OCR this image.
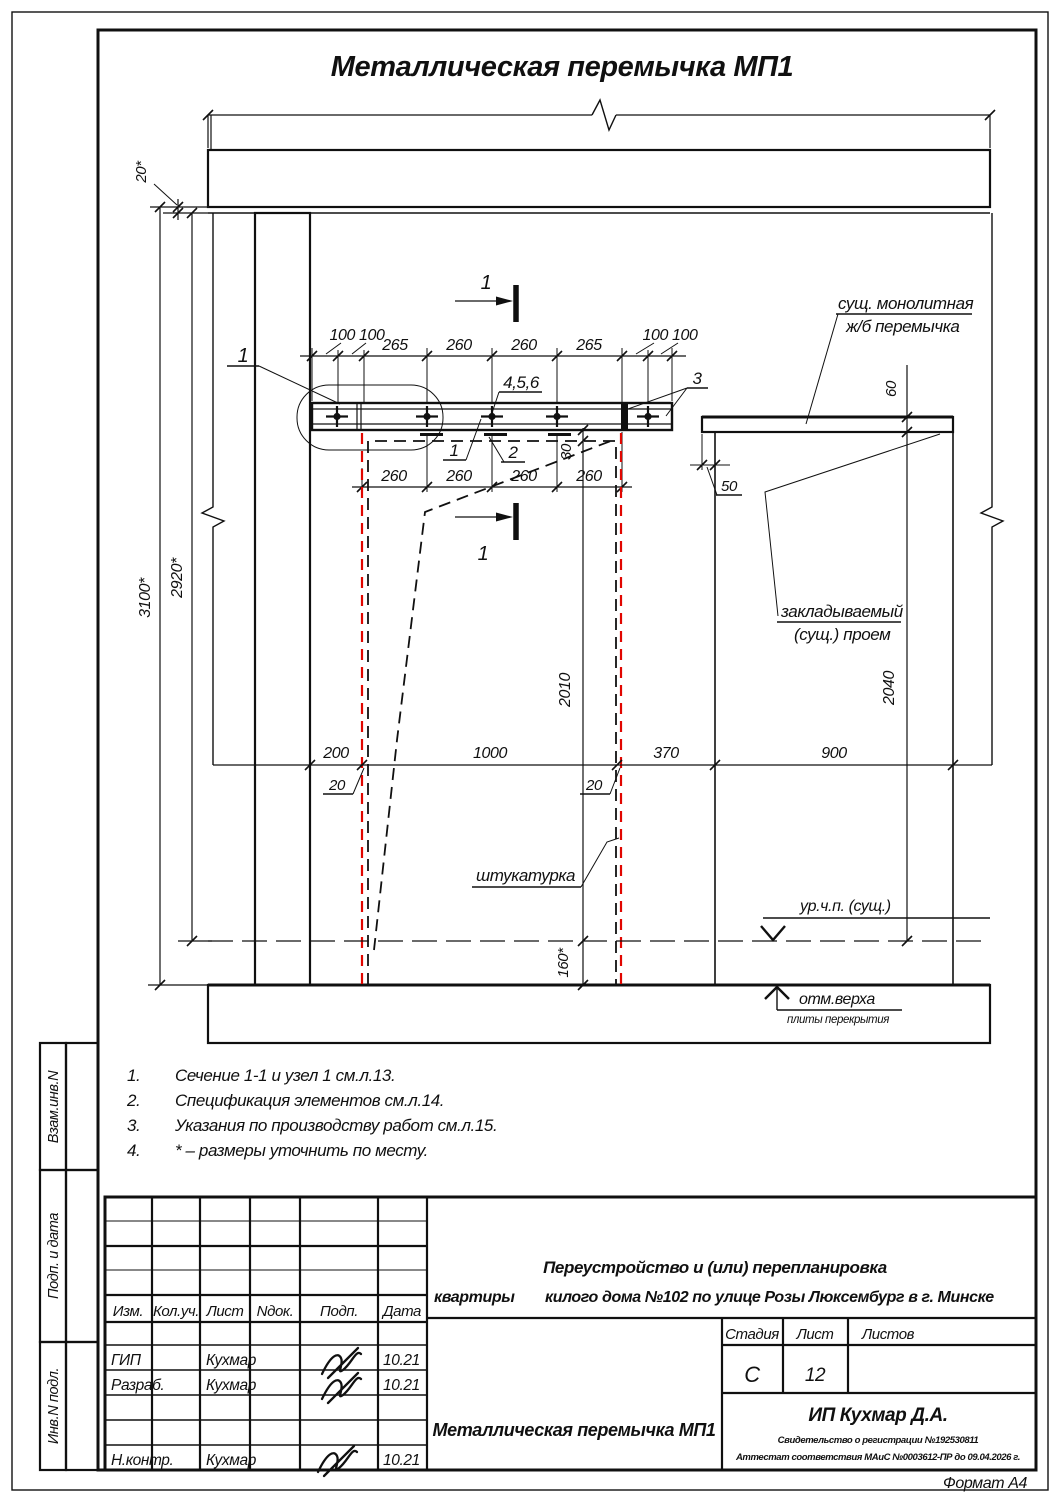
Металлическая перемычка МП1
20*
3100*
2920*
1
100 100	100 100
265 260 260 265
260 260 260 260
4,5,6	3
1	2
1
1
30
2010
160*
сущ. монолитная
ж/б перемычка
60
2040
50
закладываемый
(сущ.) проем
200	1000	370	900
20	20
штукатурка
ур.ч.п. (сущ.)
отм.верха
плиты перекрытия
1. Сечение 1-1 и узел 1 см.л.13.
2. Спецификация элементов см.л.14.
3. Указания по производству работ см.л.15.
4. * – размеры уточнить по месту.
Взам.инв.N
Подп. и дата
Инв.N подл.
Изм. Кол.уч. Лист Nдок. Подп. Дата
ГИП	Кухмар	10.21
Разраб.	Кухмар	10.21
Н.контр. Кухмар	10.21
Переустройство и (или) перепланировка
квартиры килого дома №102 по улице Розы Люксембург в г. Минске
Стадия Лист Листов
С 12
Металлическая перемычка МП1
ИП Кухмар Д.А.
Свидетельство о регистрации №192530811
Аттестат соответствия МАиС №0003612-ПР до 09.04.2026 г.
Формат А4
